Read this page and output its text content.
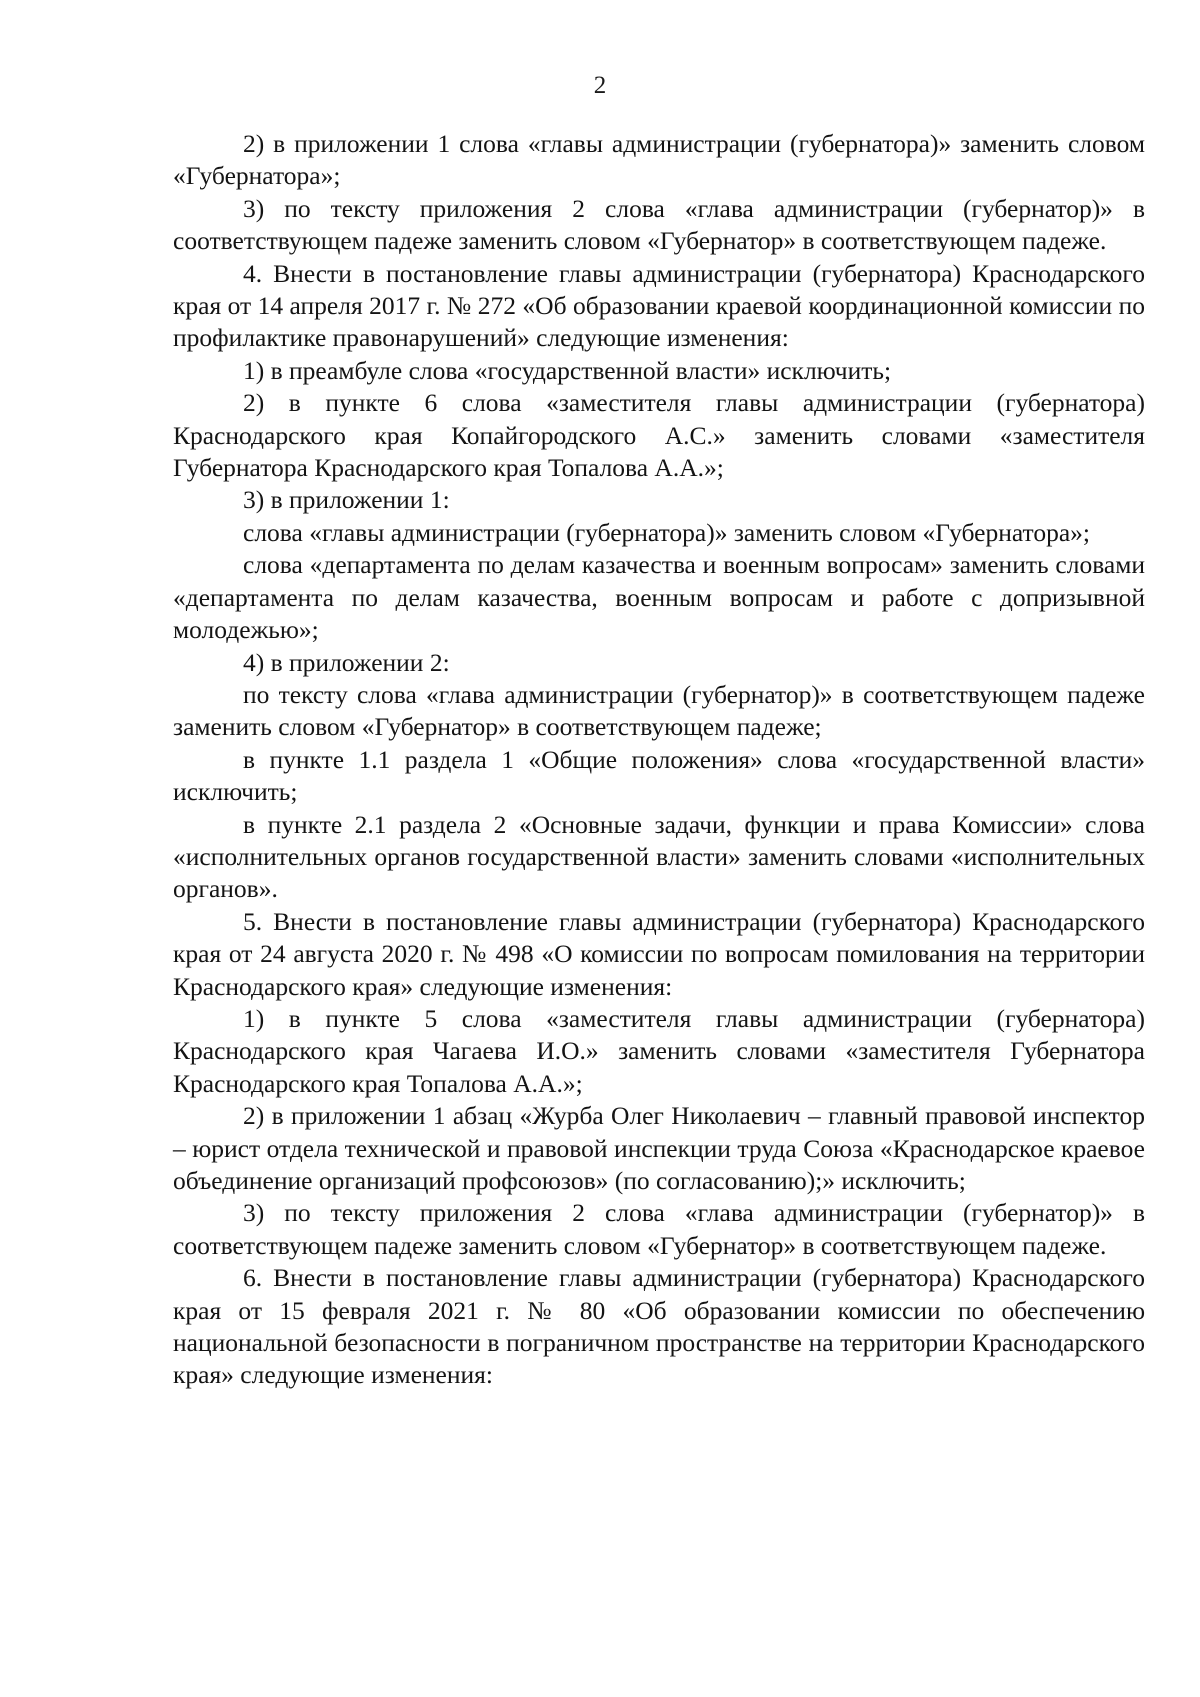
2

2) в приложении 1 слова «главы администрации (губернатора)» заменить словом «Губернатора»;

3) по тексту приложения 2 слова «глава администрации (губернатор)» в соответствующем падеже заменить словом «Губернатор» в соответствующем падеже.

4. Внести в постановление главы администрации (губернатора) Краснодарского края от 14 апреля 2017 г. № 272 «Об образовании краевой координационной комиссии по профилактике правонарушений» следующие изменения:

1) в преамбуле слова «государственной власти» исключить;

2) в пункте 6 слова «заместителя главы администрации (губернатора) Краснодарского края Копайгородского А.С.» заменить словами «заместителя Губернатора Краснодарского края Топалова А.А.»;

3) в приложении 1:

слова «главы администрации (губернатора)» заменить словом «Губернатора»;

слова «департамента по делам казачества и военным вопросам» заменить словами «департамента по делам казачества, военным вопросам и работе с допризывной молодежью»;

4) в приложении 2:

по тексту слова «глава администрации (губернатор)» в соответствующем падеже заменить словом «Губернатор» в соответствующем падеже;

в пункте 1.1 раздела 1 «Общие положения» слова «государственной власти» исключить;

в пункте 2.1 раздела 2 «Основные задачи, функции и права Комиссии» слова «исполнительных органов государственной власти» заменить словами «исполнительных органов».

5. Внести в постановление главы администрации (губернатора) Краснодарского края от 24 августа 2020 г. № 498 «О комиссии по вопросам помилования на территории Краснодарского края» следующие изменения:

1) в пункте 5 слова «заместителя главы администрации (губернатора) Краснодарского края Чагаева И.О.» заменить словами «заместителя Губернатора Краснодарского края Топалова А.А.»;

2) в приложении 1 абзац «Журба Олег Николаевич – главный правовой инспектор – юрист отдела технической и правовой инспекции труда Союза «Краснодарское краевое объединение организаций профсоюзов» (по согласованию);» исключить;

3) по тексту приложения 2 слова «глава администрации (губернатор)» в соответствующем падеже заменить словом «Губернатор» в соответствующем падеже.

6. Внести в постановление главы администрации (губернатора) Краснодарского края от 15 февраля 2021 г. № 80 «Об образовании комиссии по обеспечению национальной безопасности в пограничном пространстве на территории Краснодарского края» следующие изменения:
